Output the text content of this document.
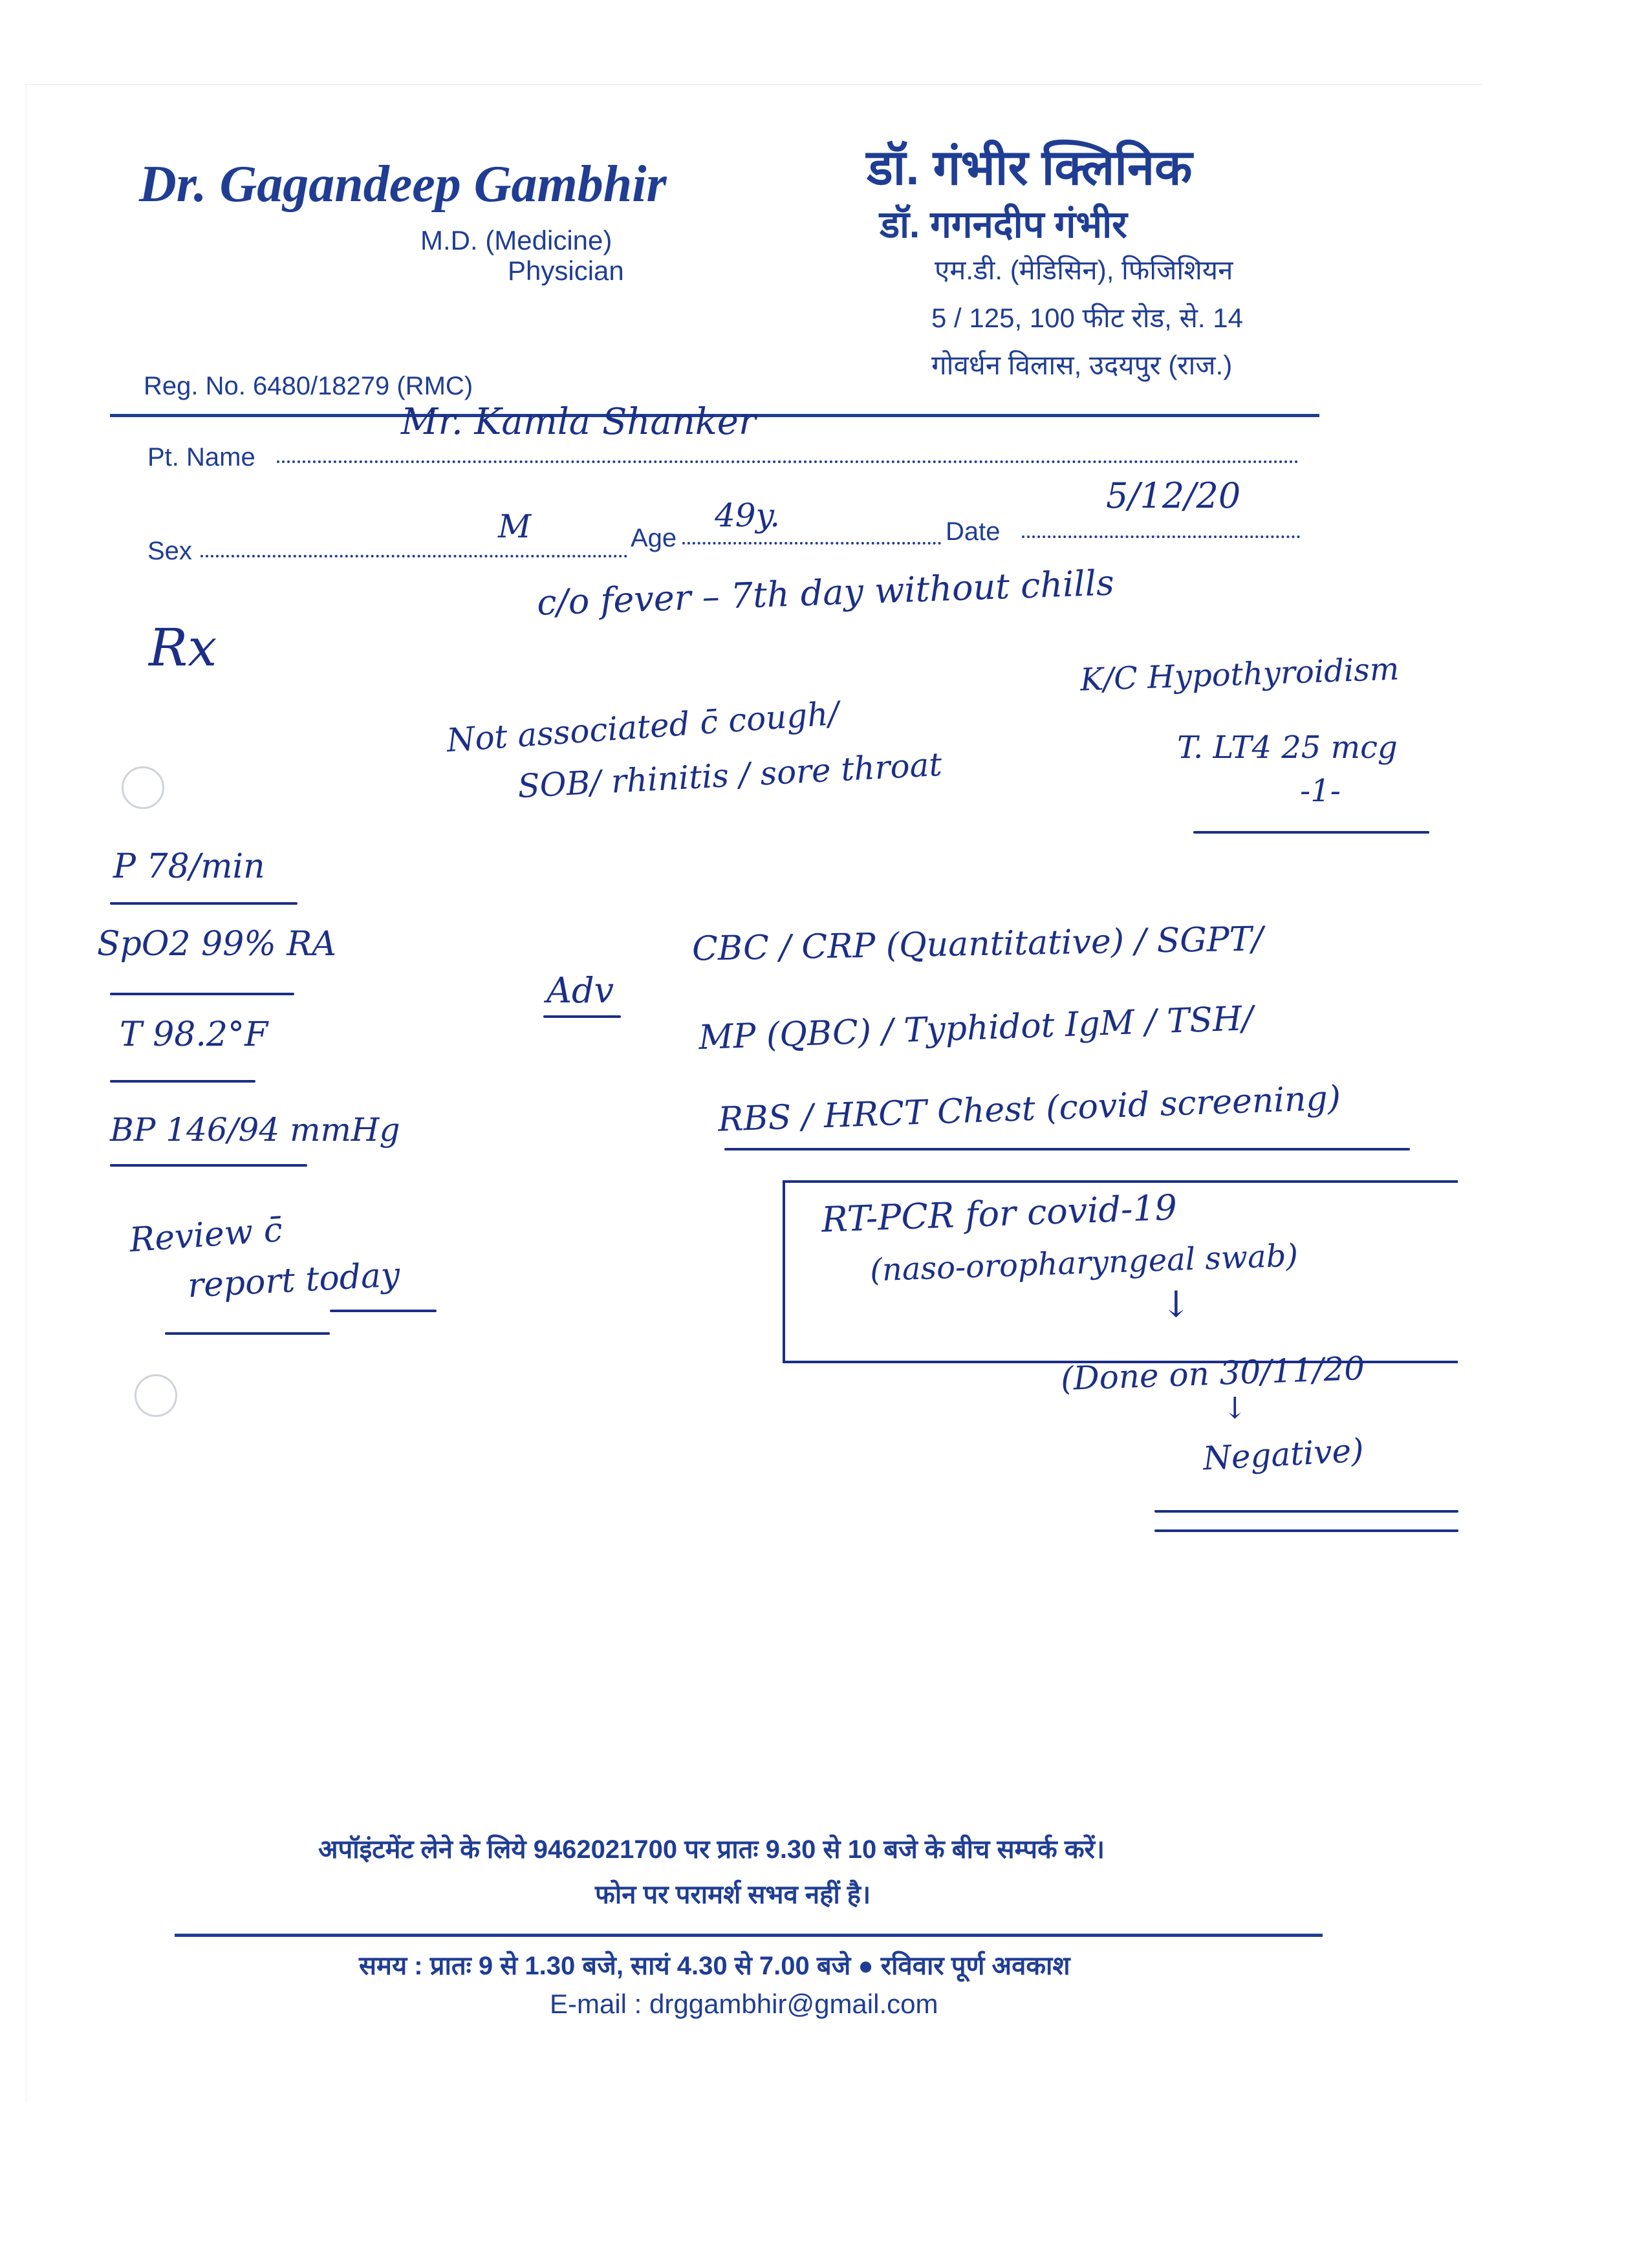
Dr. Gagandeep Gambhir
M.D. (Medicine)
Physician
Reg. No. 6480/18279 (RMC)
डॉ. गंभीर क्लिनिक
डॉ. गगनदीप गंभीर
एम.डी. (मेडिसिन), फिजिशियन
5 / 125, 100 फीट रोड, से. 14
गोवर्धन विलास, उदयपुर (राज.)
Pt. Name
Mr. Kamla Shanker
Sex
M	Age
49y.	Date
5/12/20
c/o fever – 7th day without chills
Rx
Not associated c̄ cough/
SOB/ rhinitis / sore throat
K/C Hypothyroidism
T. LT4 25 mcg
-1-
P 78/min
SpO2 99% RA
T 98.2°F
BP 146/94 mmHg
Adv
CBC / CRP (Quantitative) / SGPT/
MP (QBC) / Typhidot IgM / TSH/
RBS / HRCT Chest (covid screening)
RT-PCR for covid-19
(naso-oropharyngeal swab)
↓
(Done on 30/11/20
↓
Negative)
Review c̄
report today
अपॉइंटमेंट लेने के लिये 9462021700 पर प्रातः 9.30 से 10 बजे के बीच सम्पर्क करें।
फोन पर परामर्श सभव नहीं है।
समय : प्रातः 9 से 1.30 बजे, सायं 4.30 से 7.00 बजे ● रविवार पूर्ण अवकाश
E-mail : drggambhir@gmail.com
